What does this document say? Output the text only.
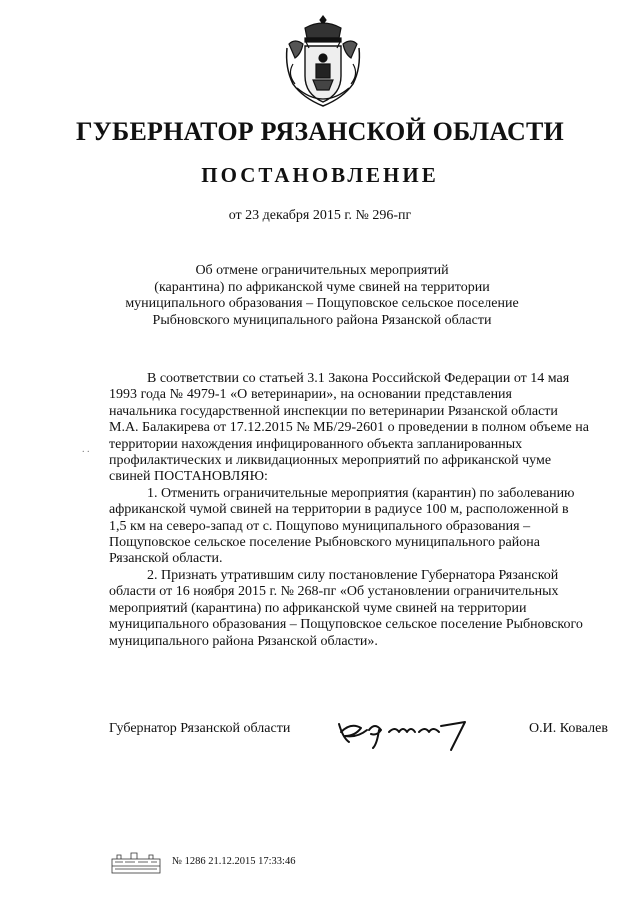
ГУБЕРНАТОР РЯЗАНСКОЙ ОБЛАСТИ
ПОСТАНОВЛЕНИЕ
от 23 декабря 2015 г. № 296-пг
Об отмене ограничительных мероприятий
(карантина) по африканской чуме свиней на территории
муниципального образования – Пощуповское сельское поселение
Рыбновского муниципального района Рязанской области
. .
В соответствии со статьей 3.1 Закона Российской Федерации от 14 мая
1993 года № 4979-1 «О ветеринарии», на основании представления
начальника государственной инспекции по ветеринарии Рязанской области
М.А. Балакирева от 17.12.2015 № МБ/29-2601 о проведении в полном объеме на
территории нахождения инфицированного объекта запланированных
профилактических и ликвидационных мероприятий по африканской чуме
свиней ПОСТАНОВЛЯЮ:
1. Отменить ограничительные мероприятия (карантин) по заболеванию
африканской чумой свиней на территории в радиусе 100 м, расположенной в
1,5 км на северо-запад от с. Пощупово муниципального образования –
Пощуповское сельское поселение Рыбновского муниципального района
Рязанской области.
2. Признать утратившим силу постановление Губернатора Рязанской
области от 16 ноября 2015 г. № 268-пг «Об установлении ограничительных
мероприятий (карантина) по африканской чуме свиней на территории
муниципального образования – Пощуповское сельское поселение Рыбновского
муниципального района Рязанской области».
Губернатор Рязанской области	О.И. Ковалев
№ 1286 21.12.2015 17:33:46
